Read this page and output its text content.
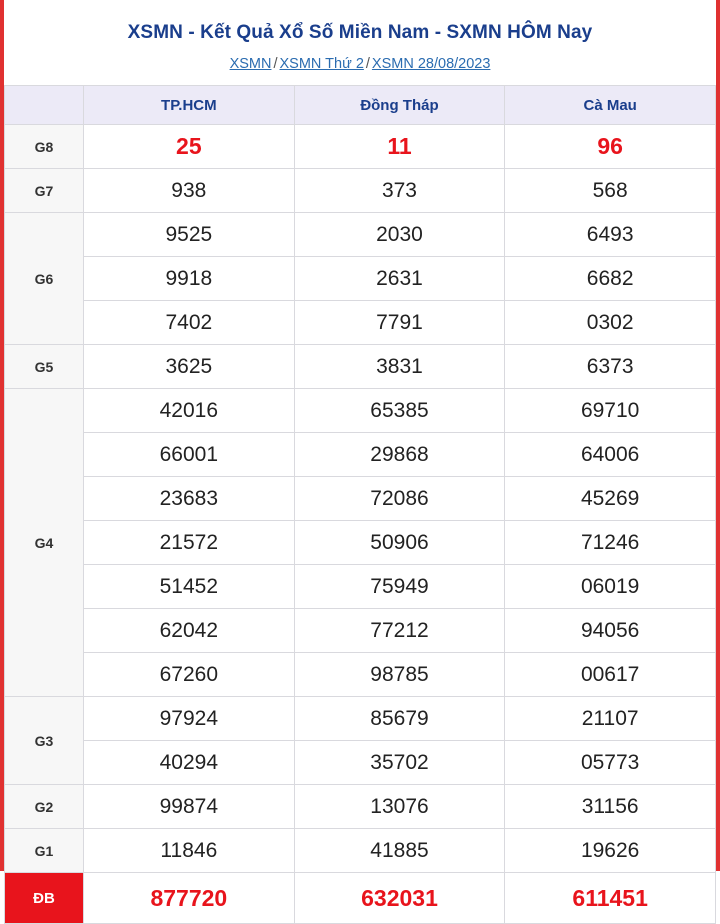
XSMN - Kết Quả Xổ Số Miền Nam - SXMN HÔM Nay
XSMN / XSMN Thứ 2 / XSMN 28/08/2023
	TP.HCM	Đồng Tháp	Cà Mau
G8	25	11	96
G7	938	373	568
G6	9525	2030	6493
	9918	2631	6682
	7402	7791	0302
G5	3625	3831	6373
G4	42016	65385	69710
	66001	29868	64006
	23683	72086	45269
	21572	50906	71246
	51452	75949	06019
	62042	77212	94056
	67260	98785	00617
G3	97924	85679	21107
	40294	35702	05773
G2	99874	13076	31156
G1	11846	41885	19626
ĐB	877720	632031	611451
